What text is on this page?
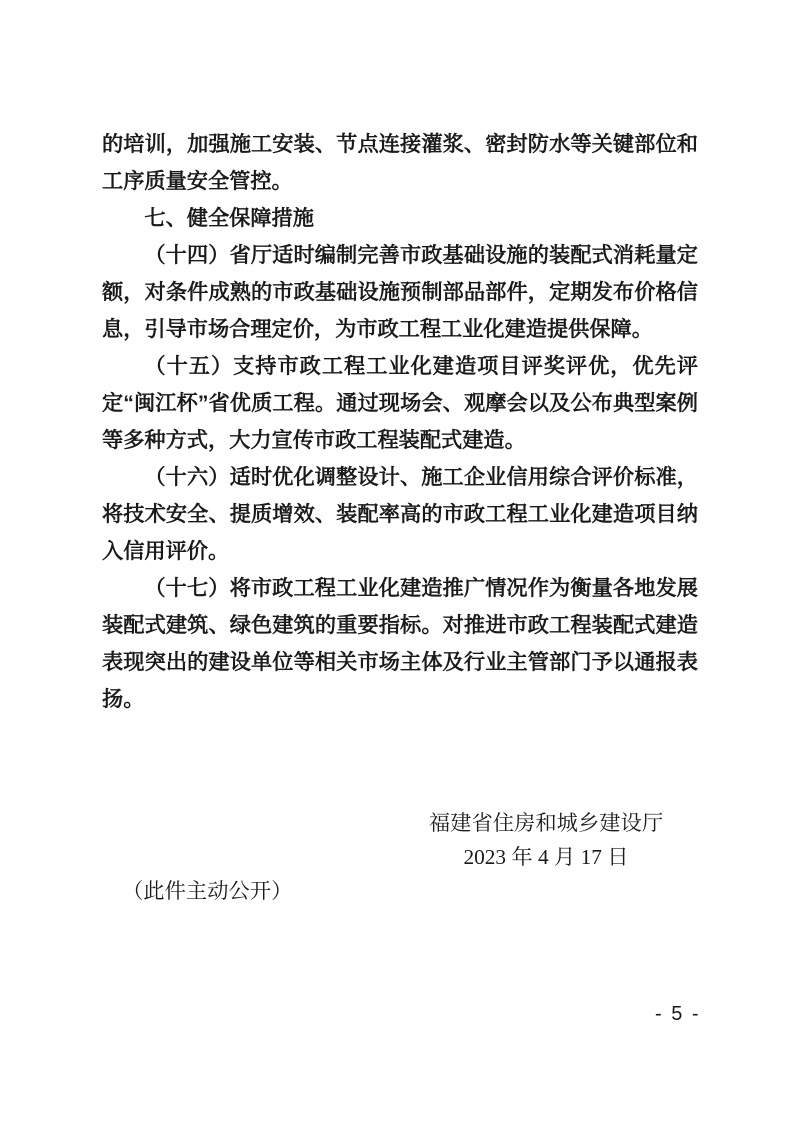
的培训，加强施工安装、节点连接灌浆、密封防水等关键部位和工序质量安全管控。

七、健全保障措施

（十四）省厅适时编制完善市政基础设施的装配式消耗量定额，对条件成熟的市政基础设施预制部品部件，定期发布价格信息，引导市场合理定价，为市政工程工业化建造提供保障。

（十五）支持市政工程工业化建造项目评奖评优，优先评定“闽江杯”省优质工程。通过现场会、观摩会以及公布典型案例等多种方式，大力宣传市政工程装配式建造。

（十六）适时优化调整设计、施工企业信用综合评价标准，将技术安全、提质增效、装配率高的市政工程工业化建造项目纳入信用评价。

（十七）将市政工程工业化建造推广情况作为衡量各地发展装配式建筑、绿色建筑的重要指标。对推进市政工程装配式建造表现突出的建设单位等相关市场主体及行业主管部门予以通报表扬。

福建省住房和城乡建设厅
2023 年 4 月 17 日
（此件主动公开）
- 5 -
